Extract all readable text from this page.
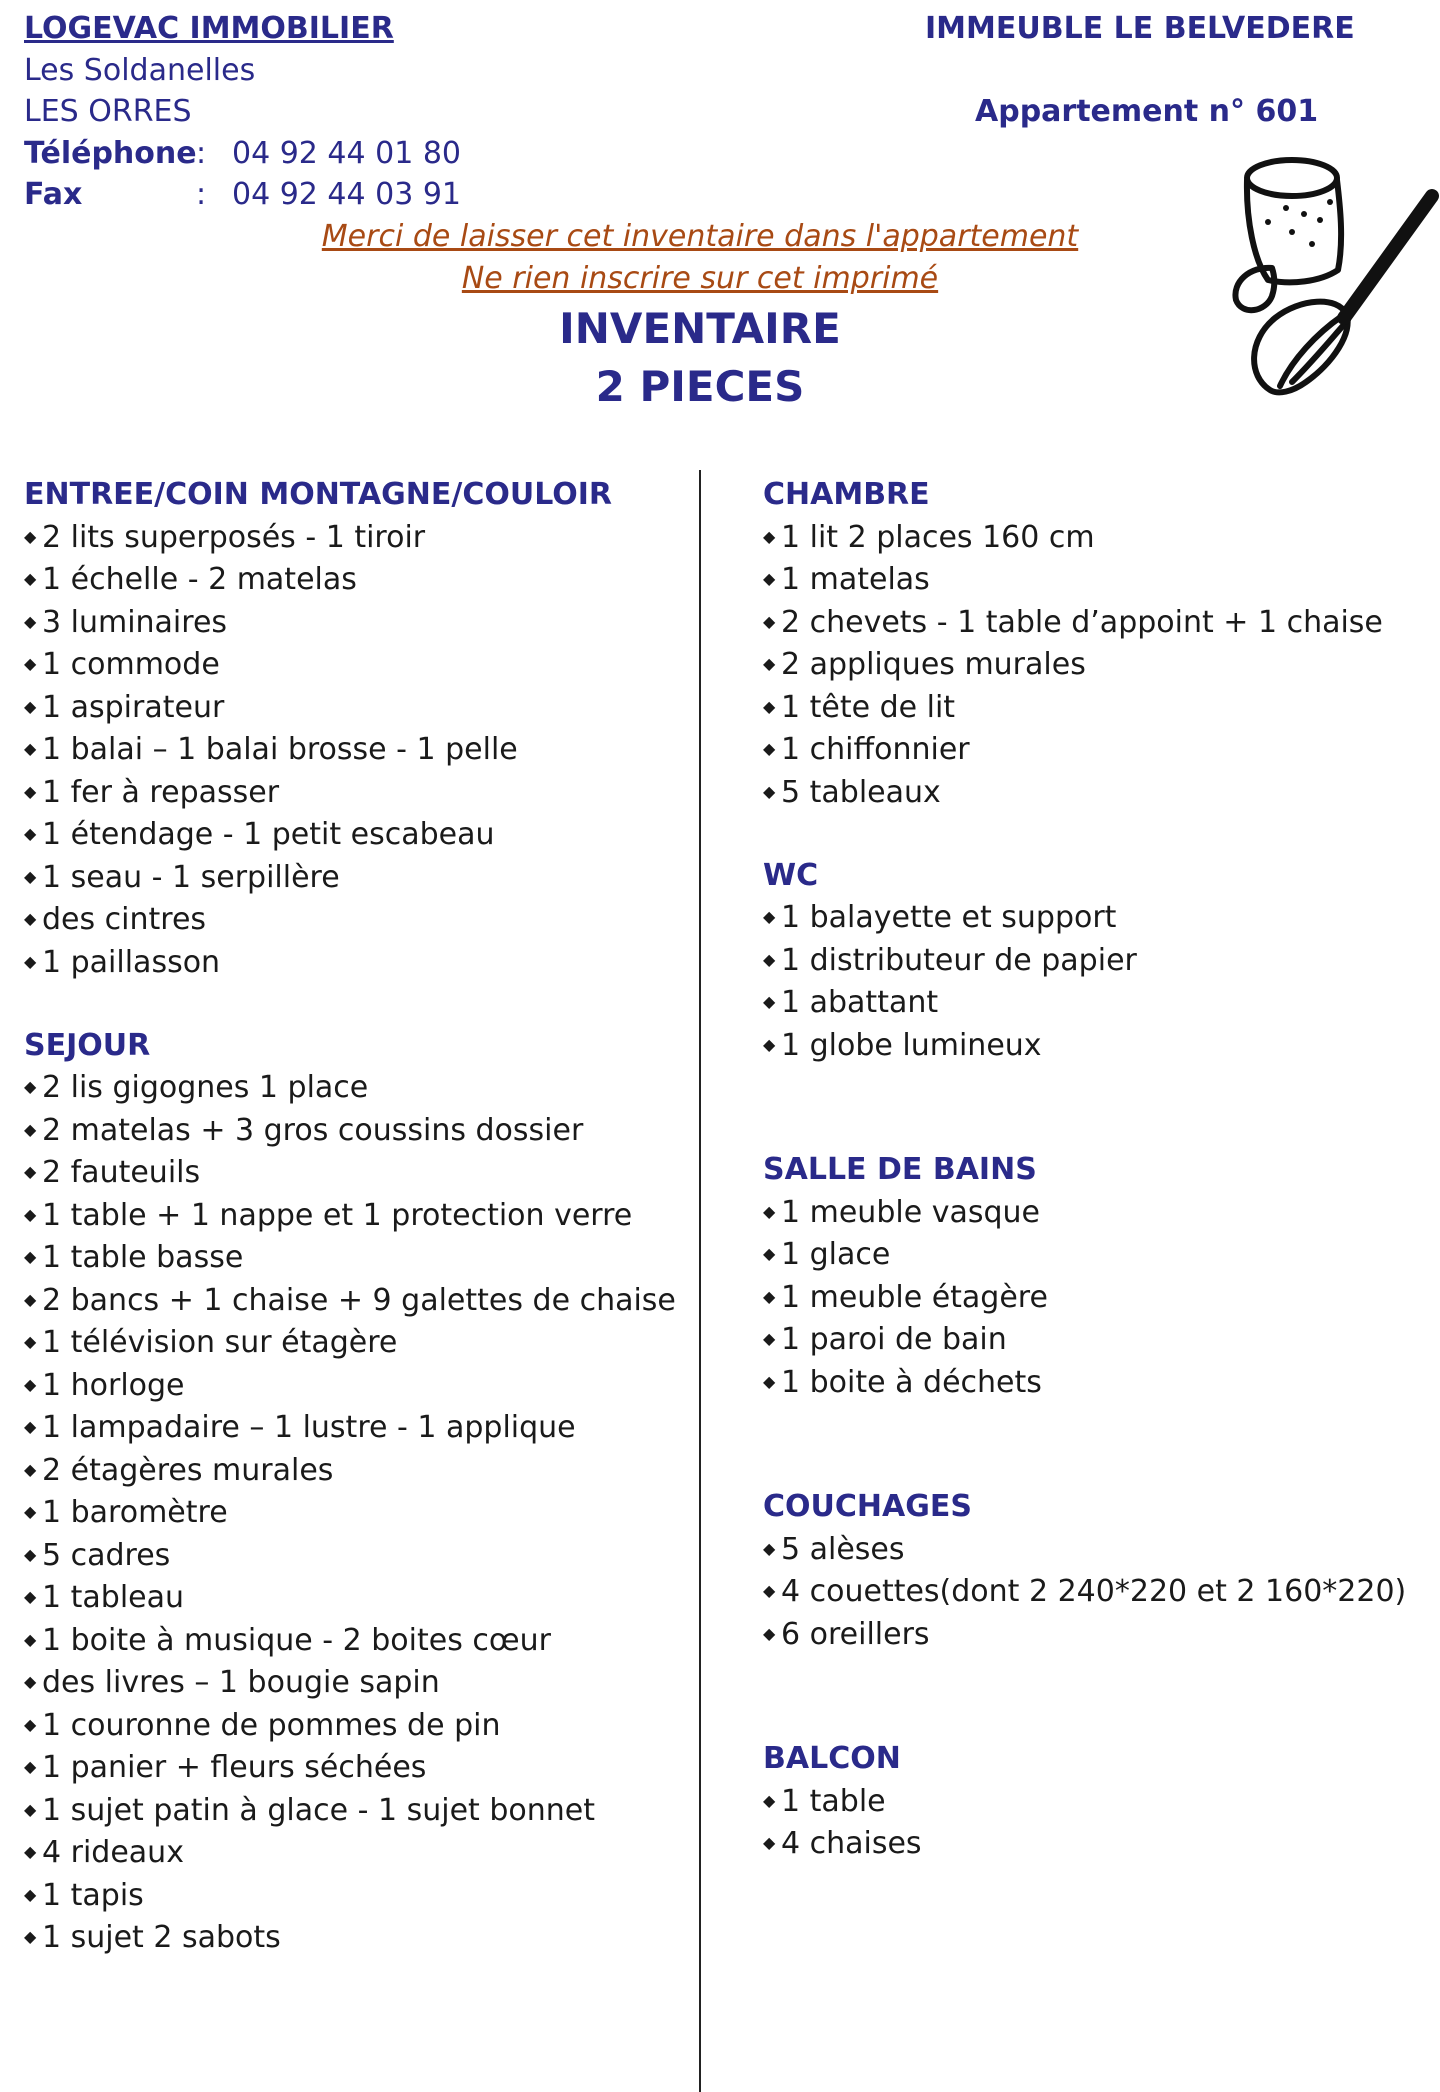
LOGEVAC IMMOBILIER
Les Soldanelles
LES ORRES
Téléphone: 04 92 44 01 80
Fax	: 04 92 44 03 91
IMMEUBLE LE BELVEDERE
Appartement n° 601
Merci de laisser cet inventaire dans l'appartement
Ne rien inscrire sur cet imprimé
INVENTAIRE
2 PIECES
ENTREE/COIN MONTAGNE/COULOIR
◆ 2 lits superposés - 1 tiroir
◆ 1 échelle - 2 matelas
◆ 3 luminaires
◆ 1 commode
◆ 1 aspirateur
◆ 1 balai – 1 balai brosse - 1 pelle
◆ 1 fer à repasser
◆ 1 étendage - 1 petit escabeau
◆ 1 seau - 1 serpillère
◆ des cintres
◆ 1 paillasson
SEJOUR
◆ 2 lis gigognes 1 place
◆ 2 matelas + 3 gros coussins dossier
◆ 2 fauteuils
◆ 1 table + 1 nappe et 1 protection verre
◆ 1 table basse
◆ 2 bancs + 1 chaise + 9 galettes de chaise
◆ 1 télévision sur étagère
◆ 1 horloge
◆ 1 lampadaire – 1 lustre - 1 applique
◆ 2 étagères murales
◆ 1 baromètre
◆ 5 cadres
◆ 1 tableau
◆ 1 boite à musique - 2 boites cœur
◆ des livres – 1 bougie sapin
◆ 1 couronne de pommes de pin
◆ 1 panier + fleurs séchées
◆ 1 sujet patin à glace - 1 sujet bonnet
◆ 4 rideaux
◆ 1 tapis
◆ 1 sujet 2 sabots
CHAMBRE
◆ 1 lit 2 places 160 cm
◆ 1 matelas
◆ 2 chevets - 1 table d’appoint + 1 chaise
◆ 2 appliques murales
◆ 1 tête de lit
◆ 1 chiffonnier
◆ 5 tableaux
WC
◆ 1 balayette et support
◆ 1 distributeur de papier
◆ 1 abattant
◆ 1 globe lumineux
SALLE DE BAINS
◆ 1 meuble vasque
◆ 1 glace
◆ 1 meuble étagère
◆ 1 paroi de bain
◆ 1 boite à déchets
COUCHAGES
◆ 5 alèses
◆ 4 couettes(dont 2 240*220 et 2 160*220)
◆ 6 oreillers
BALCON
◆ 1 table
◆ 4 chaises
